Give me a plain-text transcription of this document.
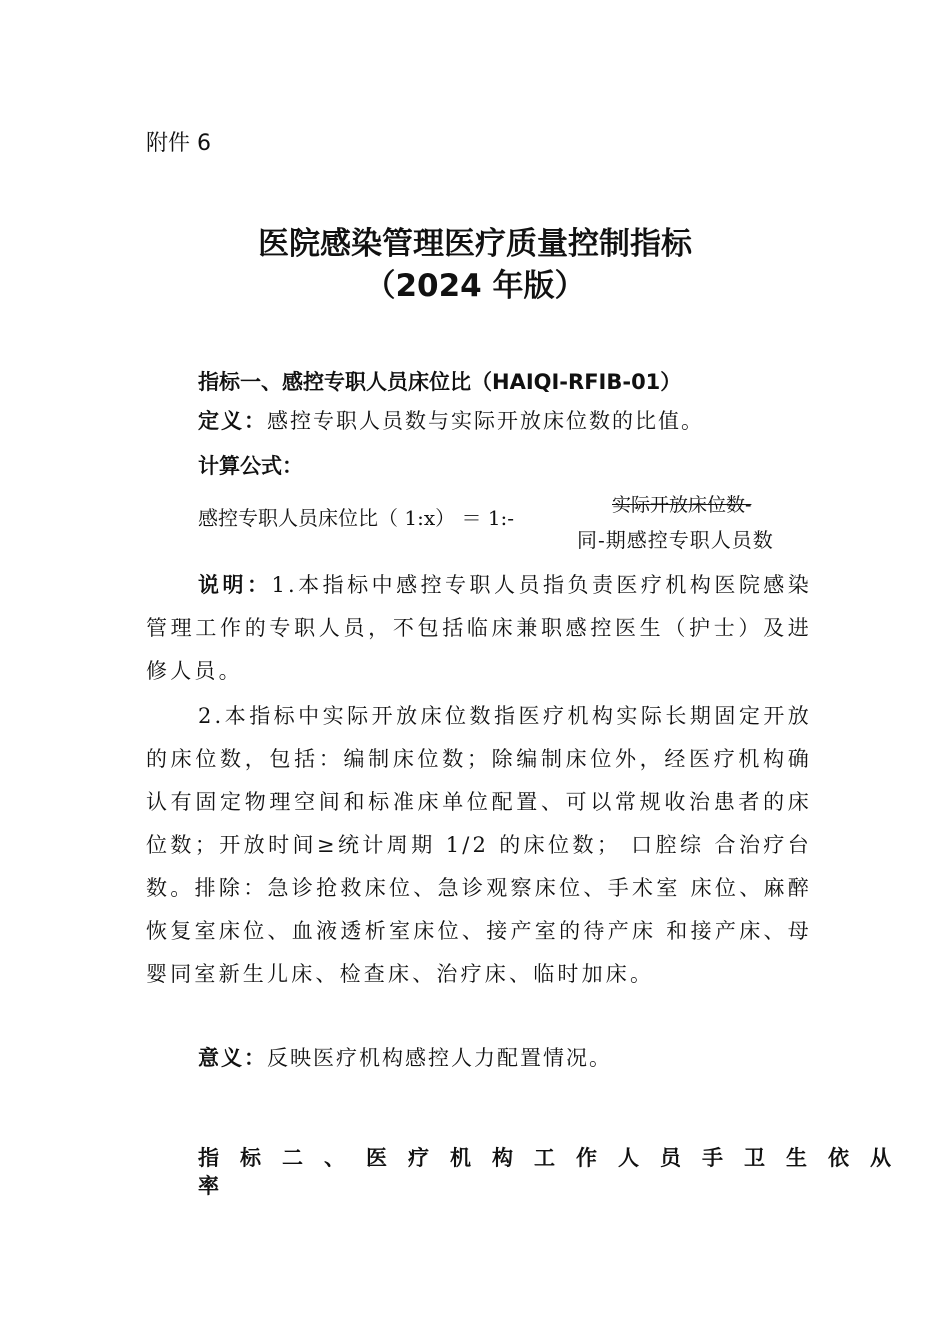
附件 6
医院感染管理医疗质量控制指标
（2024 年版）
指标一、感控专职人员床位比（HAIQI-RFIB-01）
定义：感控专职人员数与实际开放床位数的比值。
计算公式：
感控专职人员床位比（ 1:x） ＝ 1:-
实际开放床位数-
同-期感控专职人员数
说明：1.本指标中感控专职人员指负责医疗机构医院感染管理工作的专职人员，不包括临床兼职感控医生（护士）及进修人员。
2.本指标中实际开放床位数指医疗机构实际长期固定开放的床位数，包括：编制床位数；除编制床位外，经医疗机构确认有固定物理空间和标准床单位配置、可以常规收治患者的床位数；开放时间≥统计周期 1/2 的床位数； 口腔综 合治疗台数。排除：急诊抢救床位、急诊观察床位、手术室 床位、麻醉恢复室床位、血液透析室床位、接产室的待产床 和接产床、母婴同室新生儿床、检查床、治疗床、临时加床。
意义：反映医疗机构感控人力配置情况。
指标二、医疗机构工作人员手卫生依从
率
